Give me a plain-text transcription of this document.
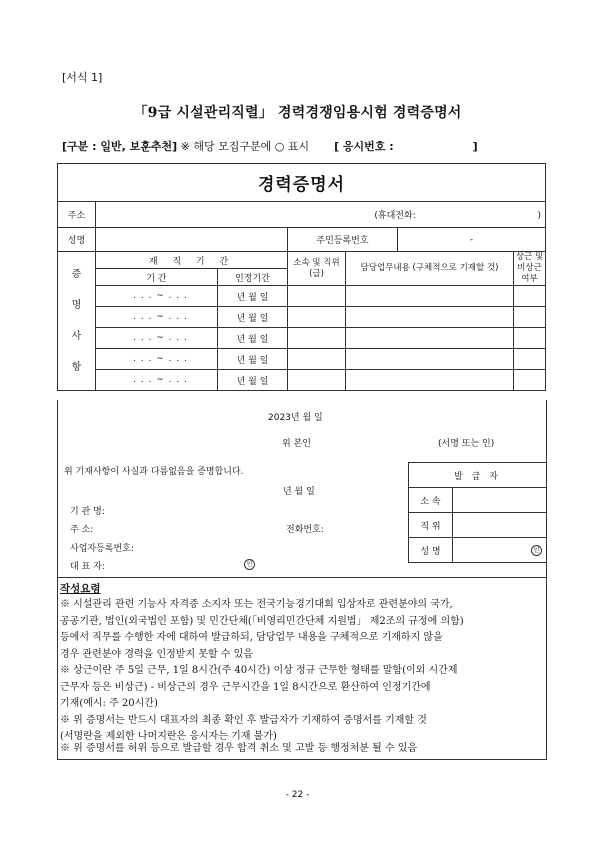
[서식 1]
「9급 시설관리직렬」 경력경쟁임용시험 경력증명서
[구분 : 일반, 보훈추천] ※ 해당 모집구분에 ○ 표시 [ 응시번호 :	]
경력증명서						
주소	(휴대전화: )					
성명			주민등록번호		-	

증
명
사
항	재 직 기 간		소속 및 직위(급)	담당업무내용 (구체적으로 기재할 것)		상근 및 비상근여부
	기 간	인정기간				
	. . . ~ . . .	년 월 일				
	. . . ~ . . .	년 월 일				
	. . . ~ . . .	년 월 일				
	. . . ~ . . .	년 월 일				
	. . . ~ . . .	년 월 일				
2023년 월 일
위 본인	(서명 또는 인)
위 기재사항이 사실과 다름없음을 증명합니다.
년 월 일
기 관 명:
주 소:	전화번호:
사업자등록번호:
대 표 자:	인
발 급 자	
소 속	
직 위	
성 명	인
작성요령
※ 시설관리 관련 기능사 자격증 소지자 또는 전국기능경기대회 입상자로 관련분야의 국가,
공공기관, 법인(외국법인 포함) 및 민간단체(「비영리민간단체 지원법」 제2조의 규정에 의함)
등에서 직무를 수행한 자에 대하여 발급하되, 담당업무 내용을 구체적으로 기재하지 않을
경우 관련분야 경력을 인정받지 못할 수 있음
※ 상근이란 주 5일 근무, 1일 8시간(주 40시간) 이상 정규 근무한 형태를 말함(이외 시간제
근무자 등은 비상근) - 비상근의 경우 근무시간을 1일 8시간으로 환산하여 인정기간에
기재(예시: 주 20시간)
※ 위 증명서는 반드시 대표자의 최종 확인 후 발급자가 기재하여 증명서를 기재할 것
(서명란을 제외한 나머지란은 응시자는 기재 불가)
※ 위 증명서를 허위 등으로 발급할 경우 합격 취소 및 고발 등 행정처분 될 수 있음
- 22 -
